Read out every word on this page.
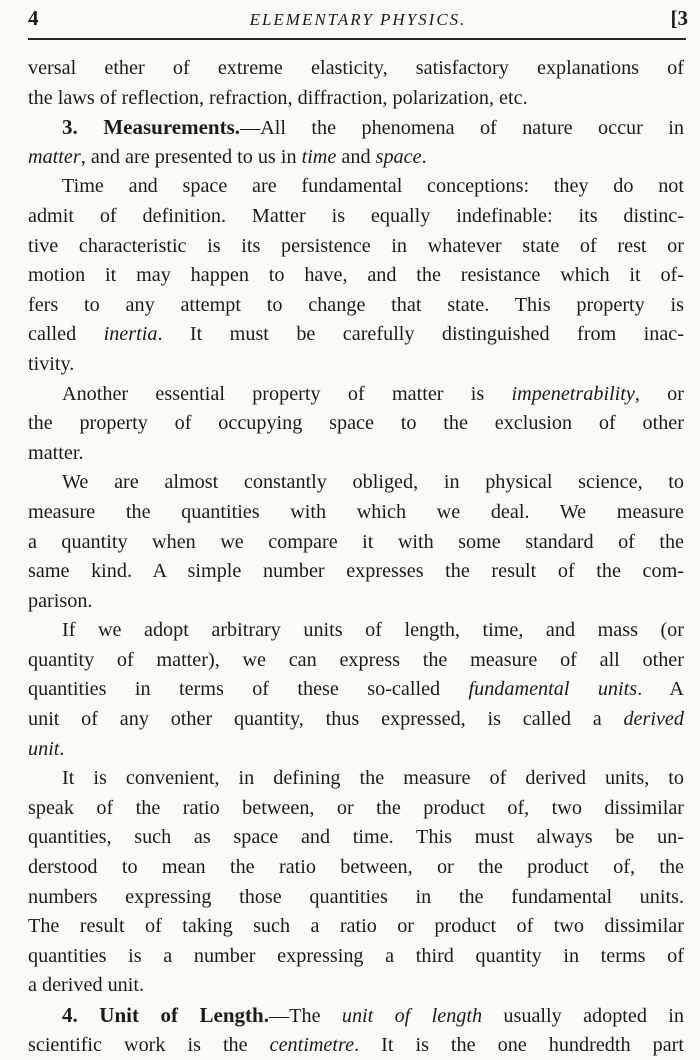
4	ELEMENTARY PHYSICS.	[3
versal ether of extreme elasticity, satisfactory explanations of
the laws of reflection, refraction, diffraction, polarization, etc.
3. Measurements.—All the phenomena of nature occur in
matter, and are presented to us in time and space.
Time and space are fundamental conceptions: they do not
admit of definition. Matter is equally indefinable: its distinc-
tive characteristic is its persistence in whatever state of rest or
motion it may happen to have, and the resistance which it of-
fers to any attempt to change that state. This property is
called inertia. It must be carefully distinguished from inac-
tivity.
Another essential property of matter is impenetrability, or
the property of occupying space to the exclusion of other
matter.
We are almost constantly obliged, in physical science, to
measure the quantities with which we deal. We measure
a quantity when we compare it with some standard of the
same kind. A simple number expresses the result of the com-
parison.
If we adopt arbitrary units of length, time, and mass (or
quantity of matter), we can express the measure of all other
quantities in terms of these so-called fundamental units. A
unit of any other quantity, thus expressed, is called a derived
unit.
It is convenient, in defining the measure of derived units, to
speak of the ratio between, or the product of, two dissimilar
quantities, such as space and time. This must always be un-
derstood to mean the ratio between, or the product of, the
numbers expressing those quantities in the fundamental units.
The result of taking such a ratio or product of two dissimilar
quantities is a number expressing a third quantity in terms of
a derived unit.
4. Unit of Length.—The unit of length usually adopted in
scientific work is the centimetre. It is the one hundredth part
